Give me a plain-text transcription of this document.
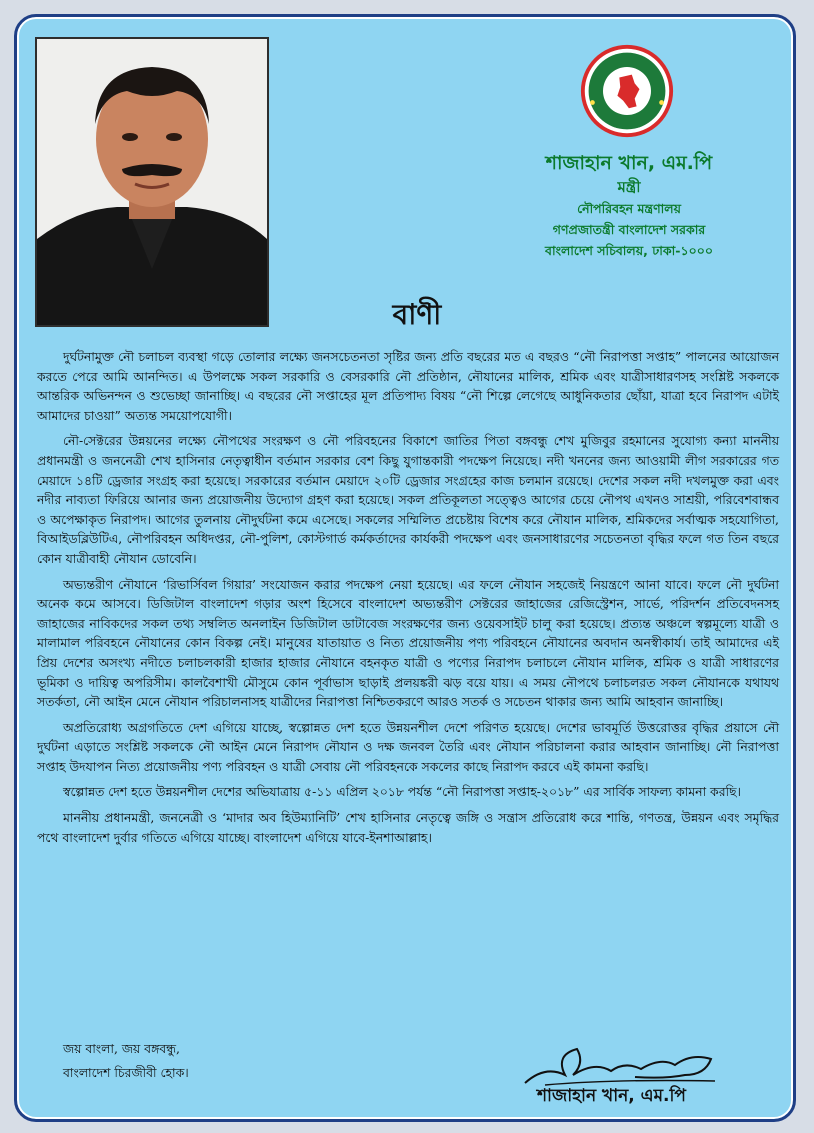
শাজাহান খান, এম.পি
মন্ত্রী
নৌপরিবহন মন্ত্রণালয়
গণপ্রজাতন্ত্রী বাংলাদেশ সরকার
বাংলাদেশ সচিবালয়, ঢাকা-১০০০
বাণী

দুর্ঘটনামুক্ত নৌ চলাচল ব্যবস্থা গড়ে তোলার লক্ষ্যে জনসচেতনতা সৃষ্টির জন্য প্রতি বছরের মত এ বছরও “নৌ নিরাপত্তা সপ্তাহ” পালনের আয়োজন করতে পেরে আমি আনন্দিত। এ উপলক্ষে সকল সরকারি ও বেসরকারি নৌ প্রতিষ্ঠান, নৌযানের মালিক, শ্রমিক এবং যাত্রীসাধারণসহ সংশ্লিষ্ট সকলকে আন্তরিক অভিনন্দন ও শুভেচ্ছা জানাচ্ছি। এ বছরের নৌ সপ্তাহের মূল প্রতিপাদ্য বিষয় “নৌ শিল্পে লেগেছে আধুনিকতার ছোঁয়া, যাত্রা হবে নিরাপদ এটাই আমাদের চাওয়া” অত্যন্ত সময়োপযোগী।

নৌ-সেক্টরের উন্নয়নের লক্ষ্যে নৌপথের সংরক্ষণ ও নৌ পরিবহনের বিকাশে জাতির পিতা বঙ্গবন্ধু শেখ মুজিবুর রহমানের সুযোগ্য কন্যা মাননীয় প্রধানমন্ত্রী ও জননেত্রী শেখ হাসিনার নেতৃত্বাধীন বর্তমান সরকার বেশ কিছু যুগান্তকারী পদক্ষেপ নিয়েছে। নদী খননের জন্য আওয়ামী লীগ সরকারের গত মেয়াদে ১৪টি ড্রেজার সংগ্রহ করা হয়েছে। সরকারের বর্তমান মেয়াদে ২০টি ড্রেজার সংগ্রহের কাজ চলমান রয়েছে। দেশের সকল নদী দখলমুক্ত করা এবং নদীর নাব্যতা ফিরিয়ে আনার জন্য প্রয়োজনীয় উদ্যোগ গ্রহণ করা হয়েছে। সকল প্রতিকূলতা সত্ত্বেও আগের চেয়ে নৌপথ এখনও সাশ্রয়ী, পরিবেশবান্ধব ও অপেক্ষাকৃত নিরাপদ। আগের তুলনায় নৌদুর্ঘটনা কমে এসেছে। সকলের সম্মিলিত প্রচেষ্টায় বিশেষ করে নৌযান মালিক, শ্রমিকদের সর্বাত্মক সহযোগিতা, বিআইডব্লিউটিএ, নৌপরিবহন অধিদপ্তর, নৌ-পুলিশ, কোস্টগার্ড কর্মকর্তাদের কার্যকরী পদক্ষেপ এবং জনসাধারণের সচেতনতা বৃদ্ধির ফলে গত তিন বছরে কোন যাত্রীবাহী নৌযান ডোবেনি।

অভ্যন্তরীণ নৌযানে ‘রিভার্সিবল গিয়ার’ সংযোজন করার পদক্ষেপ নেয়া হয়েছে। এর ফলে নৌযান সহজেই নিয়ন্ত্রণে আনা যাবে। ফলে নৌ দুর্ঘটনা অনেক কমে আসবে। ডিজিটাল বাংলাদেশ গড়ার অংশ হিসেবে বাংলাদেশ অভ্যন্তরীণ সেক্টরের জাহাজের রেজিস্ট্রেশন, সার্ভে, পরিদর্শন প্রতিবেদনসহ জাহাজের নাবিকদের সকল তথ্য সম্বলিত অনলাইন ডিজিটাল ডাটাবেজ সংরক্ষণের জন্য ওয়েবসাইট চালু করা হয়েছে। প্রত্যন্ত অঞ্চলে স্বল্পমূল্যে যাত্রী ও মালামাল পরিবহনে নৌযানের কোন বিকল্প নেই। মানুষের যাতায়াত ও নিত্য প্রয়োজনীয় পণ্য পরিবহনে নৌযানের অবদান অনস্বীকার্য। তাই আমাদের এই প্রিয় দেশের অসংখ্য নদীতে চলাচলকারী হাজার হাজার নৌযানে বহনকৃত যাত্রী ও পণ্যের নিরাপদ চলাচলে নৌযান মালিক, শ্রমিক ও যাত্রী সাধারণের ভূমিকা ও দায়িত্ব অপরিসীম। কালবৈশাখী মৌসুমে কোন পূর্বাভাস ছাড়াই প্রলয়ঙ্করী ঝড় বয়ে যায়। এ সময় নৌপথে চলাচলরত সকল নৌযানকে যথাযথ সতর্কতা, নৌ আইন মেনে নৌযান পরিচালনাসহ যাত্রীদের নিরাপত্তা নিশ্চিতকরণে আরও সতর্ক ও সচেতন থাকার জন্য আমি আহবান জানাচ্ছি।

অপ্রতিরোধ্য অগ্রগতিতে দেশ এগিয়ে যাচ্ছে, স্বল্পোন্নত দেশ হতে উন্নয়নশীল দেশে পরিণত হয়েছে। দেশের ভাবমূর্তি উত্তরোত্তর বৃদ্ধির প্রয়াসে নৌ দুর্ঘটনা এড়াতে সংশ্লিষ্ট সকলকে নৌ আইন মেনে নিরাপদ নৌযান ও দক্ষ জনবল তৈরি এবং নৌযান পরিচালনা করার আহবান জানাচ্ছি। নৌ নিরাপত্তা সপ্তাহ উদযাপন নিত্য প্রয়োজনীয় পণ্য পরিবহন ও যাত্রী সেবায় নৌ পরিবহনকে সকলের কাছে নিরাপদ করবে এই কামনা করছি।

স্বল্পোন্নত দেশ হতে উন্নয়নশীল দেশের অভিযাত্রায় ৫-১১ এপ্রিল ২০১৮ পর্যন্ত “নৌ নিরাপত্তা সপ্তাহ-২০১৮” এর সার্বিক সাফল্য কামনা করছি।

মাননীয় প্রধানমন্ত্রী, জননেত্রী ও ‘মাদার অব হিউম্যানিটি’ শেখ হাসিনার নেতৃত্বে জঙ্গি ও সন্ত্রাস প্রতিরোধ করে শান্তি, গণতন্ত্র, উন্নয়ন এবং সমৃদ্ধির পথে বাংলাদেশ দুর্বার গতিতে এগিয়ে যাচ্ছে। বাংলাদেশ এগিয়ে যাবে-ইনশাআল্লাহ।

জয় বাংলা, জয় বঙ্গবন্ধু,
বাংলাদেশ চিরজীবী হোক।
শাজাহান খান, এম.পি
